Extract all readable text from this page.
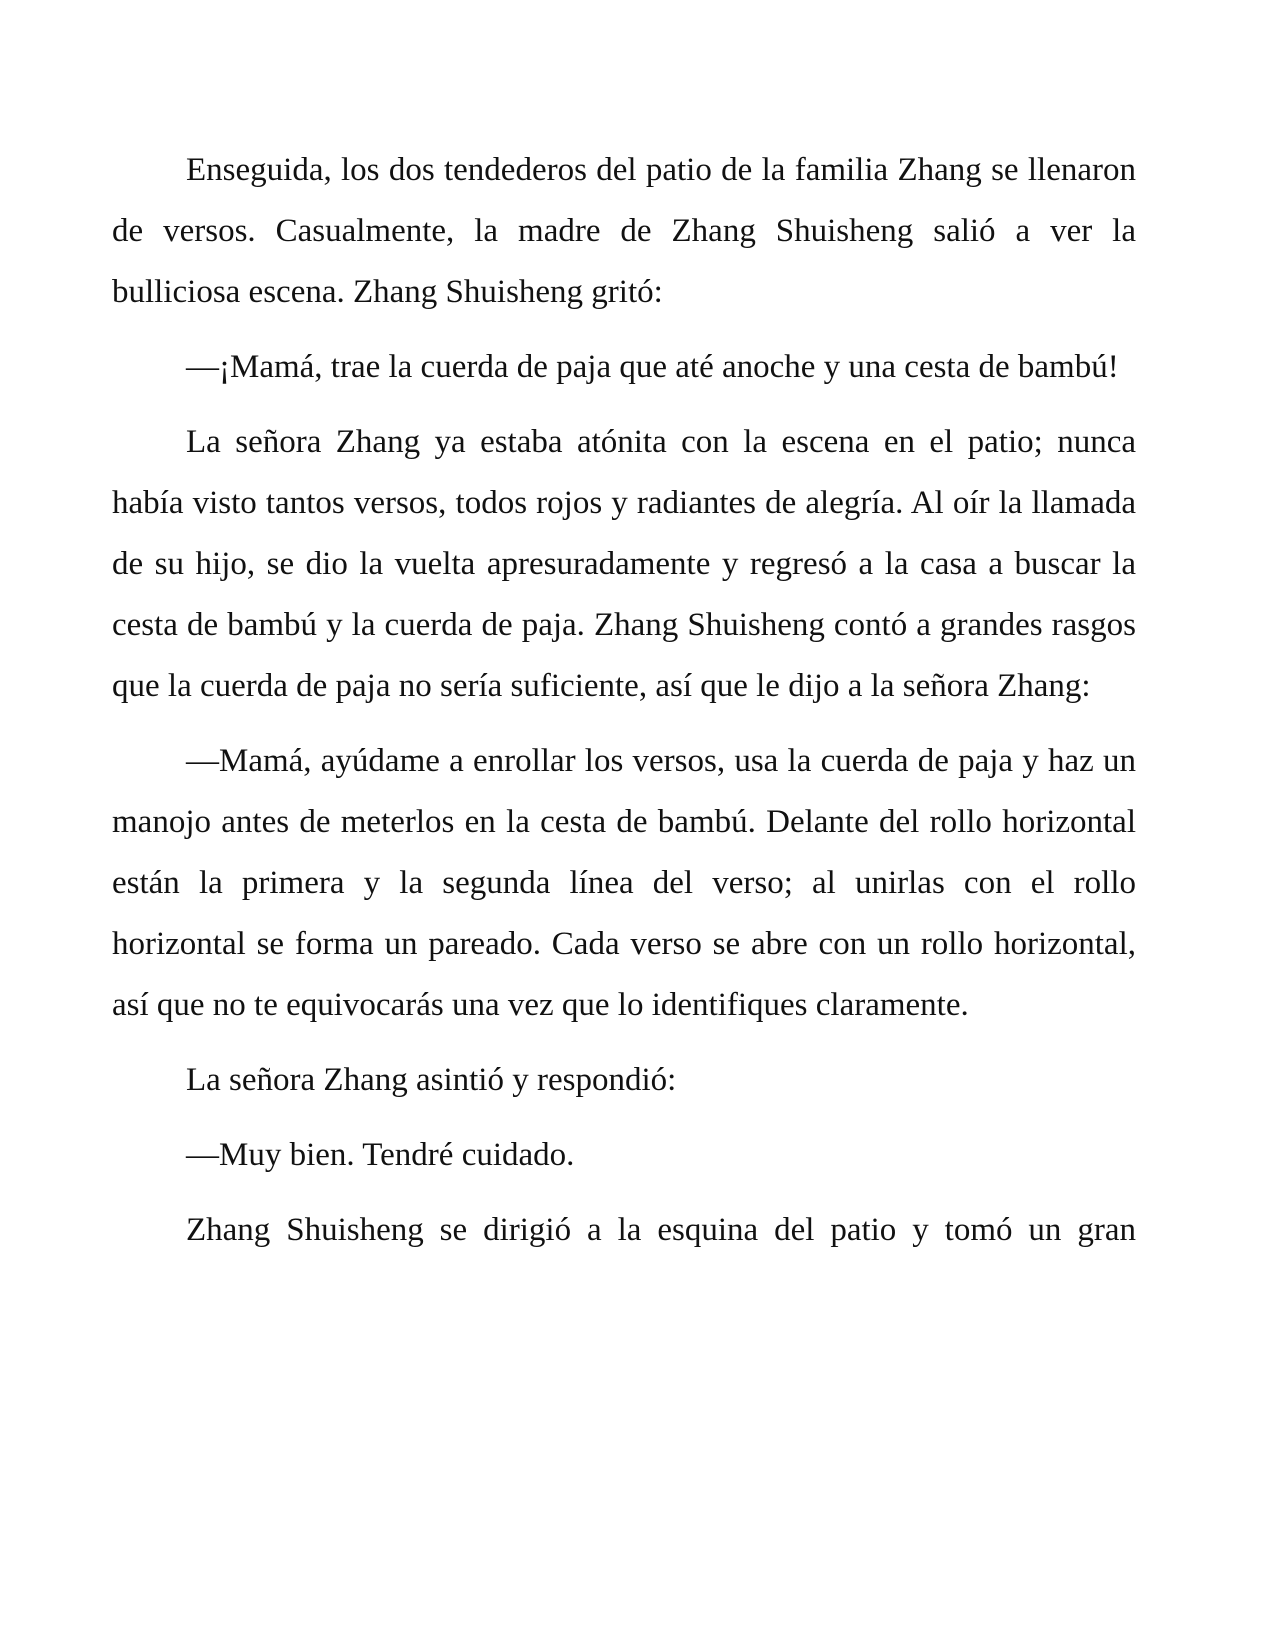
Enseguida, los dos tendederos del patio de la familia Zhang se llenaron de versos. Casualmente, la madre de Zhang Shuisheng salió a ver la bulliciosa escena. Zhang Shuisheng gritó:

—¡Mamá, trae la cuerda de paja que até anoche y una cesta de bambú!

La señora Zhang ya estaba atónita con la escena en el patio; nunca había visto tantos versos, todos rojos y radiantes de alegría. Al oír la llamada de su hijo, se dio la vuelta apresuradamente y regresó a la casa a buscar la cesta de bambú y la cuerda de paja. Zhang Shuisheng contó a grandes rasgos que la cuerda de paja no sería suficiente, así que le dijo a la señora Zhang:

—Mamá, ayúdame a enrollar los versos, usa la cuerda de paja y haz un manojo antes de meterlos en la cesta de bambú. Delante del rollo horizontal están la primera y la segunda línea del verso; al unirlas con el rollo horizontal se forma un pareado. Cada verso se abre con un rollo horizontal, así que no te equivocarás una vez que lo identifiques claramente.

La señora Zhang asintió y respondió:

—Muy bien. Tendré cuidado.

Zhang Shuisheng se dirigió a la esquina del patio y tomó un gran
